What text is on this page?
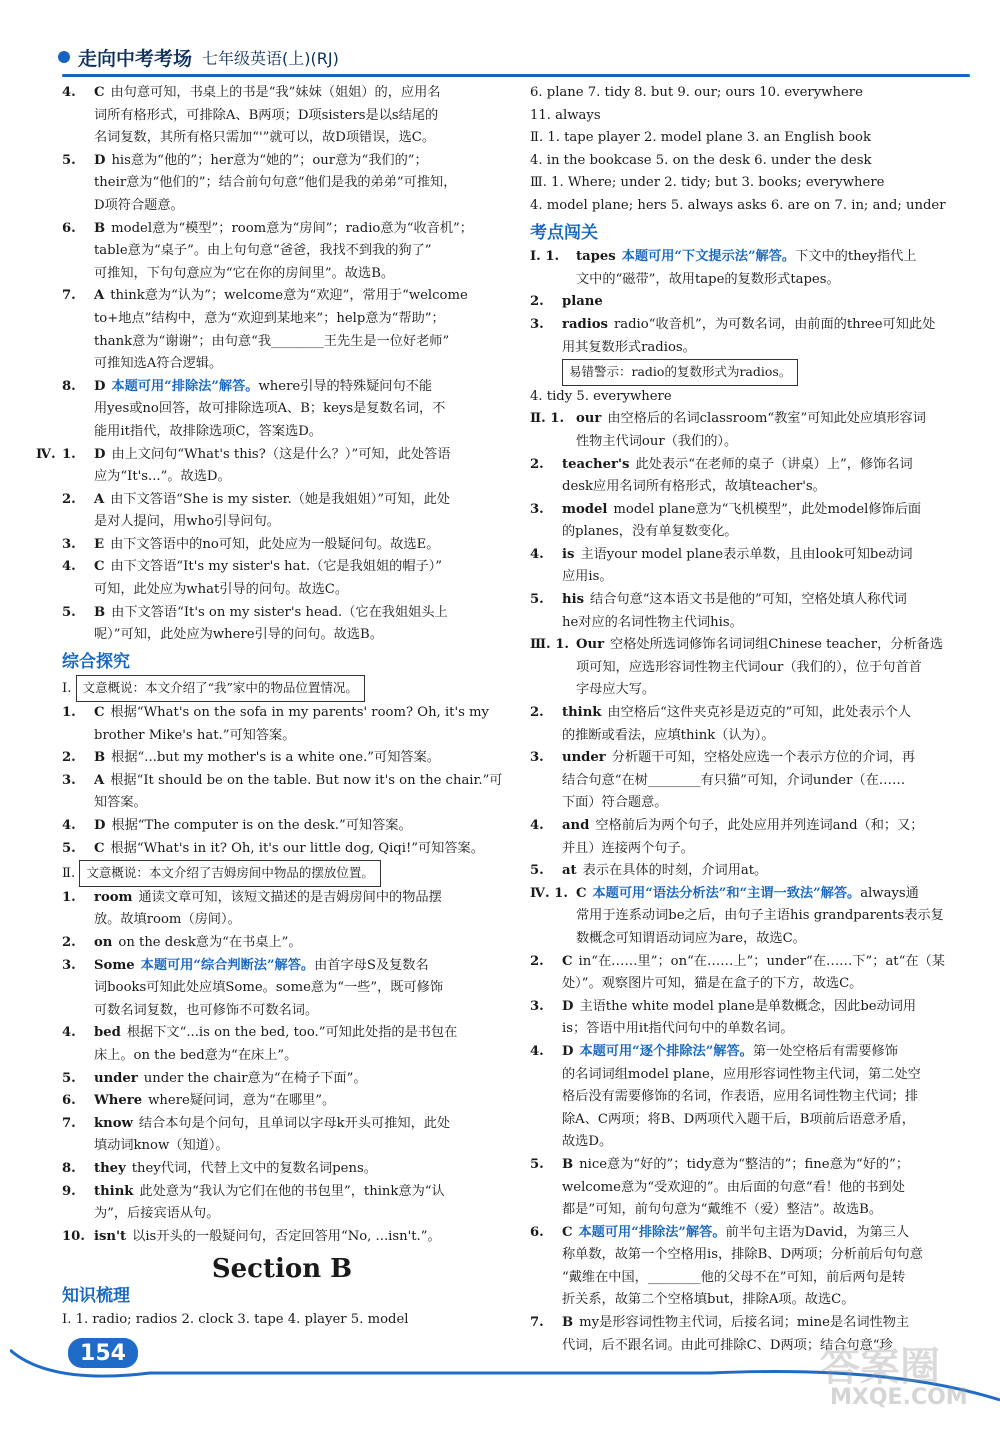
走向中考考场 七年级英语(上)(RJ)
4. C 由句意可知，书桌上的书是“我”妹妹（姐姐）的，应用名
词所有格形式，可排除A、B两项；D项sisters是以s结尾的
名词复数，其所有格只需加“'”就可以，故D项错误，选C。
5. D his意为“他的”；her意为“她的”；our意为“我们的”；
their意为“他们的”；结合前句句意“他们是我的弟弟”可推知，
D项符合题意。
6. B model意为“模型”；room意为“房间”；radio意为“收音机”；
table意为“桌子”。由上句句意“爸爸，我找不到我的狗了”
可推知，下句句意应为“它在你的房间里”。故选B。
7. A think意为“认为”；welcome意为“欢迎”，常用于“welcome
to+地点”结构中，意为“欢迎到某地来”；help意为“帮助”；
thank意为“谢谢”；由句意“我________王先生是一位好老师”
可推知选A符合逻辑。
8. D 本题可用“排除法”解答。where引导的特殊疑问句不能
用yes或no回答，故可排除选项A、B；keys是复数名词，不
能用it指代，故排除选项C，答案选D。
Ⅳ. 1. D 由上文问句“What's this?（这是什么？）”可知，此处答语
应为“It's...”。故选D。
2. A 由下文答语“She is my sister.（她是我姐姐）”可知，此处
是对人提问，用who引导问句。
3. E 由下文答语中的no可知，此处应为一般疑问句。故选E。
4. C 由下文答语“It's my sister's hat.（它是我姐姐的帽子）”
可知，此处应为what引导的问句。故选C。
5. B 由下文答语“It's on my sister's head.（它在我姐姐头上
呢）”可知，此处应为where引导的问句。故选B。
综合探究
Ⅰ. 文意概说：本文介绍了“我”家中的物品位置情况。
1. C 根据“What's on the sofa in my parents' room? Oh, it's my
brother Mike's hat.”可知答案。
2. B 根据“...but my mother's is a white one.”可知答案。
3. A 根据“It should be on the table. But now it's on the chair.”可
知答案。
4. D 根据“The computer is on the desk.”可知答案。
5. C 根据“What's in it? Oh, it's our little dog, Qiqi!”可知答案。
Ⅱ. 文意概说：本文介绍了吉姆房间中物品的摆放位置。
1. room 通读文章可知，该短文描述的是吉姆房间中的物品摆
放。故填room（房间）。
2. on on the desk意为“在书桌上”。
3. Some 本题可用“综合判断法”解答。由首字母S及复数名
词books可知此处应填Some。some意为“一些”，既可修饰
可数名词复数，也可修饰不可数名词。
4. bed 根据下文“...is on the bed, too.”可知此处指的是书包在
床上。on the bed意为“在床上”。
5. under under the chair意为“在椅子下面”。
6. Where where疑问词，意为“在哪里”。
7. know 结合本句是个问句，且单词以字母k开头可推知，此处
填动词know（知道）。
8. they they代词，代替上文中的复数名词pens。
9. think 此处意为“我认为它们在他的书包里”，think意为“认
为”，后接宾语从句。
10. isn't 以is开头的一般疑问句，否定回答用“No, ...isn't.”。
Section B
知识梳理
Ⅰ. 1. radio; radios 2. clock 3. tape 4. player 5. model
6. plane 7. tidy 8. but 9. our; ours 10. everywhere
11. always
Ⅱ. 1. tape player 2. model plane 3. an English book
4. in the bookcase 5. on the desk 6. under the desk
Ⅲ. 1. Where; under 2. tidy; but 3. books; everywhere
4. model plane; hers 5. always asks 6. are on 7. in; and; under
考点闯关
Ⅰ. 1. tapes 本题可用“下文提示法”解答。下文中的they指代上
文中的“磁带”，故用tape的复数形式tapes。
2. plane
3. radios radio“收音机”，为可数名词，由前面的three可知此处
用其复数形式radios。
易错警示：radio的复数形式为radios。
4. tidy 5. everywhere
Ⅱ. 1. our 由空格后的名词classroom“教室”可知此处应填形容词
性物主代词our（我们的）。
2. teacher's 此处表示“在老师的桌子（讲桌）上”，修饰名词
desk应用名词所有格形式，故填teacher's。
3. model model plane意为“飞机模型”，此处model修饰后面
的planes，没有单复数变化。
4. is 主语your model plane表示单数，且由look可知be动词
应用is。
5. his 结合句意“这本语文书是他的”可知，空格处填人称代词
he对应的名词性物主代词his。
Ⅲ. 1. Our 空格处所选词修饰名词词组Chinese teacher，分析备选
项可知，应选形容词性物主代词our（我们的），位于句首首
字母应大写。
2. think 由空格后“这件夹克衫是迈克的”可知，此处表示个人
的推断或看法，应填think（认为）。
3. under 分析题干可知，空格处应选一个表示方位的介词，再
结合句意“在树________有只猫”可知，介词under（在……
下面）符合题意。
4. and 空格前后为两个句子，此处应用并列连词and（和；又；
并且）连接两个句子。
5. at 表示在具体的时刻，介词用at。
Ⅳ. 1. C 本题可用“语法分析法”和“主谓一致法”解答。always通
常用于连系动词be之后，由句子主语his grandparents表示复
数概念可知谓语动词应为are，故选C。
2. C in“在……里”；on“在……上”；under“在……下”；at“在（某
处）”。观察图片可知，猫是在盒子的下方，故选C。
3. D 主语the white model plane是单数概念，因此be动词用
is；答语中用it指代问句中的单数名词。
4. D 本题可用“逐个排除法”解答。第一处空格后有需要修饰
的名词词组model plane，应用形容词性物主代词，第二处空
格后没有需要修饰的名词，作表语，应用名词性物主代词；排
除A、C两项；将B、D两项代入题干后，B项前后语意矛盾，
故选D。
5. B nice意为“好的”；tidy意为“整洁的”；fine意为“好的”；
welcome意为“受欢迎的”。由后面的句意“看！他的书到处
都是”可知，前句句意为“戴维不（爱）整洁”。故选B。
6. C 本题可用“排除法”解答。前半句主语为David，为第三人
称单数，故第一个空格用is，排除B、D两项；分析前后句句意
“戴维在中国，________他的父母不在”可知，前后两句是转
折关系，故第二个空格填but，排除A项。故选C。
7. B my是形容词性物主代词，后接名词；mine是名词性物主
代词，后不跟名词。由此可排除C、D两项；结合句意“珍
154	答案圈
MXQE.COM
